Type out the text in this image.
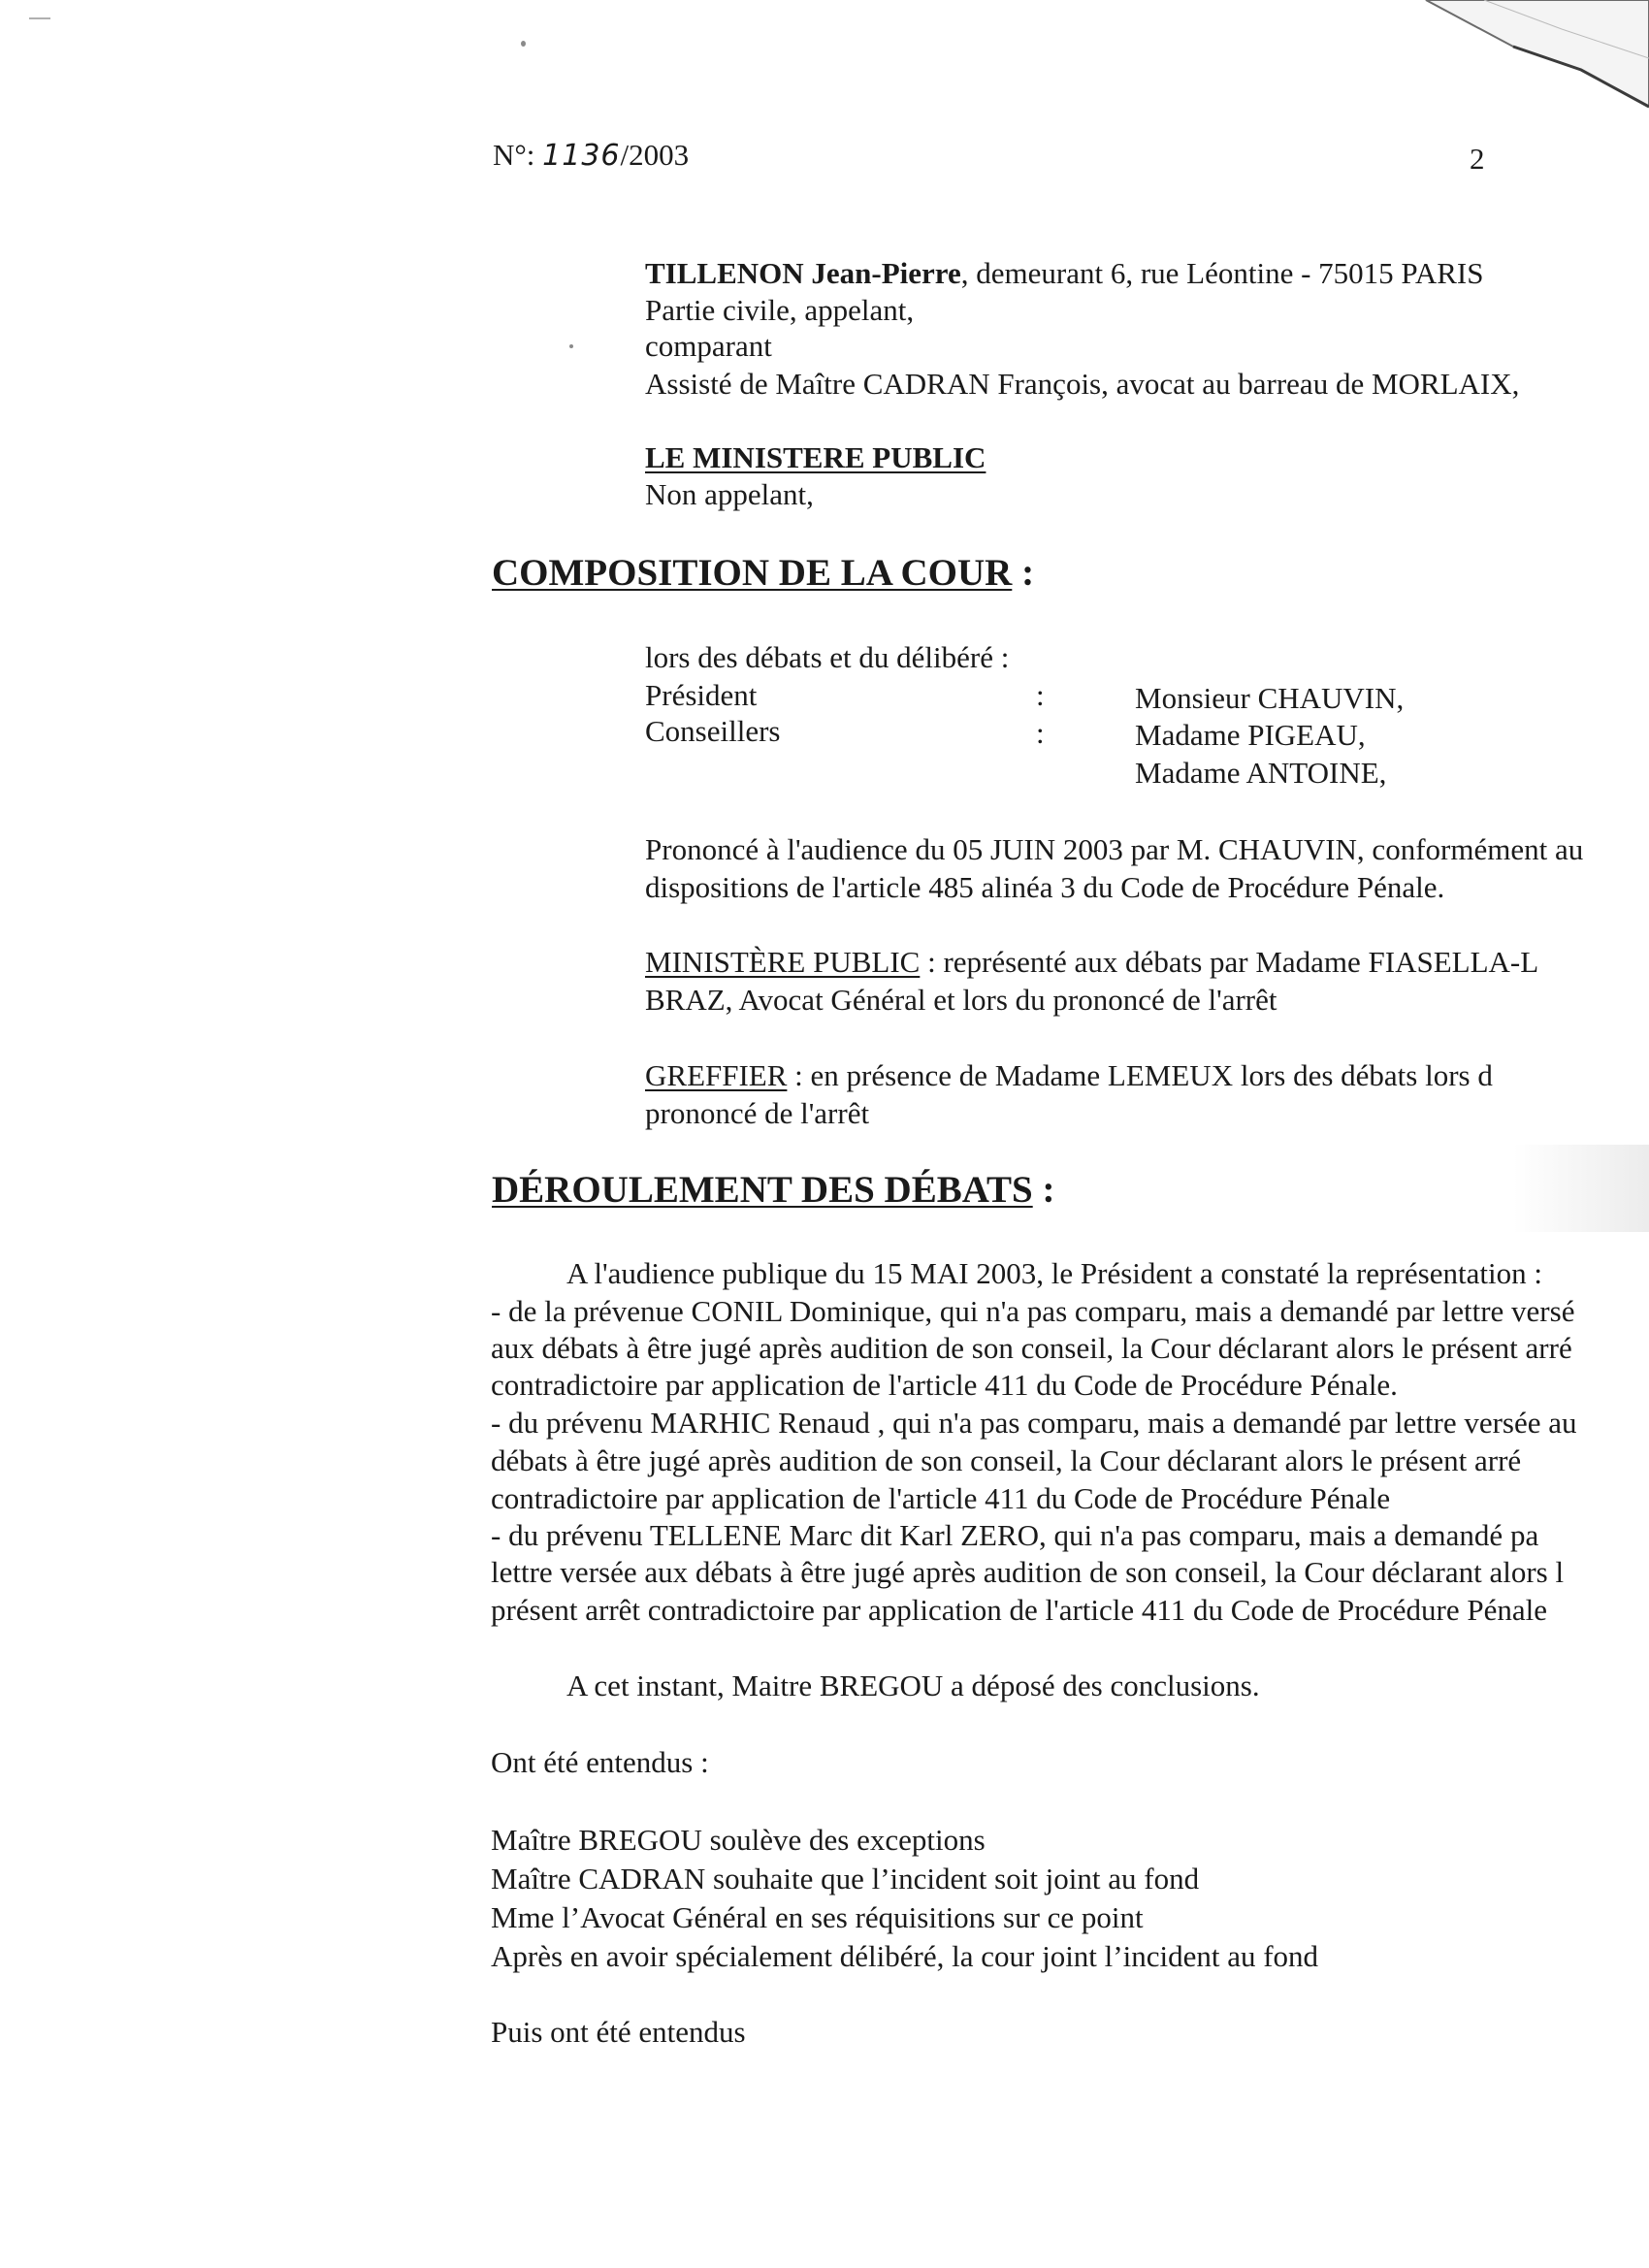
N°: 1136/2003	2
TILLENON Jean-Pierre, demeurant 6, rue Léontine - 75015 PARIS
Partie civile, appelant,
comparant
Assisté de Maître CADRAN François, avocat au barreau de MORLAIX,
LE MINISTERE PUBLIC
Non appelant,
COMPOSITION DE LA COUR :
lors des débats et du délibéré :
Président	:	Monsieur CHAUVIN,
Conseillers	:	Madame PIGEAU,
Madame ANTOINE,
Prononcé à l'audience du 05 JUIN 2003 par M. CHAUVIN, conformément au
dispositions de l'article 485 alinéa 3 du Code de Procédure Pénale.
MINISTÈRE PUBLIC : représenté aux débats par Madame FIASELLA-L
BRAZ, Avocat Général et lors du prononcé de l'arrêt
GREFFIER : en présence de Madame LEMEUX lors des débats lors d
prononcé de l'arrêt
DÉROULEMENT DES DÉBATS :
A l'audience publique du 15 MAI 2003, le Président a constaté la représentation :
- de la prévenue CONIL Dominique, qui n'a pas comparu, mais a demandé par lettre versé
aux débats à être jugé après audition de son conseil, la Cour déclarant alors le présent arré
contradictoire par application de l'article 411 du Code de Procédure Pénale.
- du prévenu MARHIC Renaud , qui n'a pas comparu, mais a demandé par lettre versée au
débats à être jugé après audition de son conseil, la Cour déclarant alors le présent arré
contradictoire par application de l'article 411 du Code de Procédure Pénale
- du prévenu TELLENE Marc dit Karl ZERO, qui n'a pas comparu, mais a demandé pa
lettre versée aux débats à être jugé après audition de son conseil, la Cour déclarant alors l
présent arrêt contradictoire par application de l'article 411 du Code de Procédure Pénale
A cet instant, Maitre BREGOU a déposé des conclusions.
Ont été entendus :
Maître BREGOU soulève des exceptions
Maître CADRAN souhaite que l’incident soit joint au fond
Mme l’Avocat Général en ses réquisitions sur ce point
Après en avoir spécialement délibéré, la cour joint l’incident au fond
Puis ont été entendus
